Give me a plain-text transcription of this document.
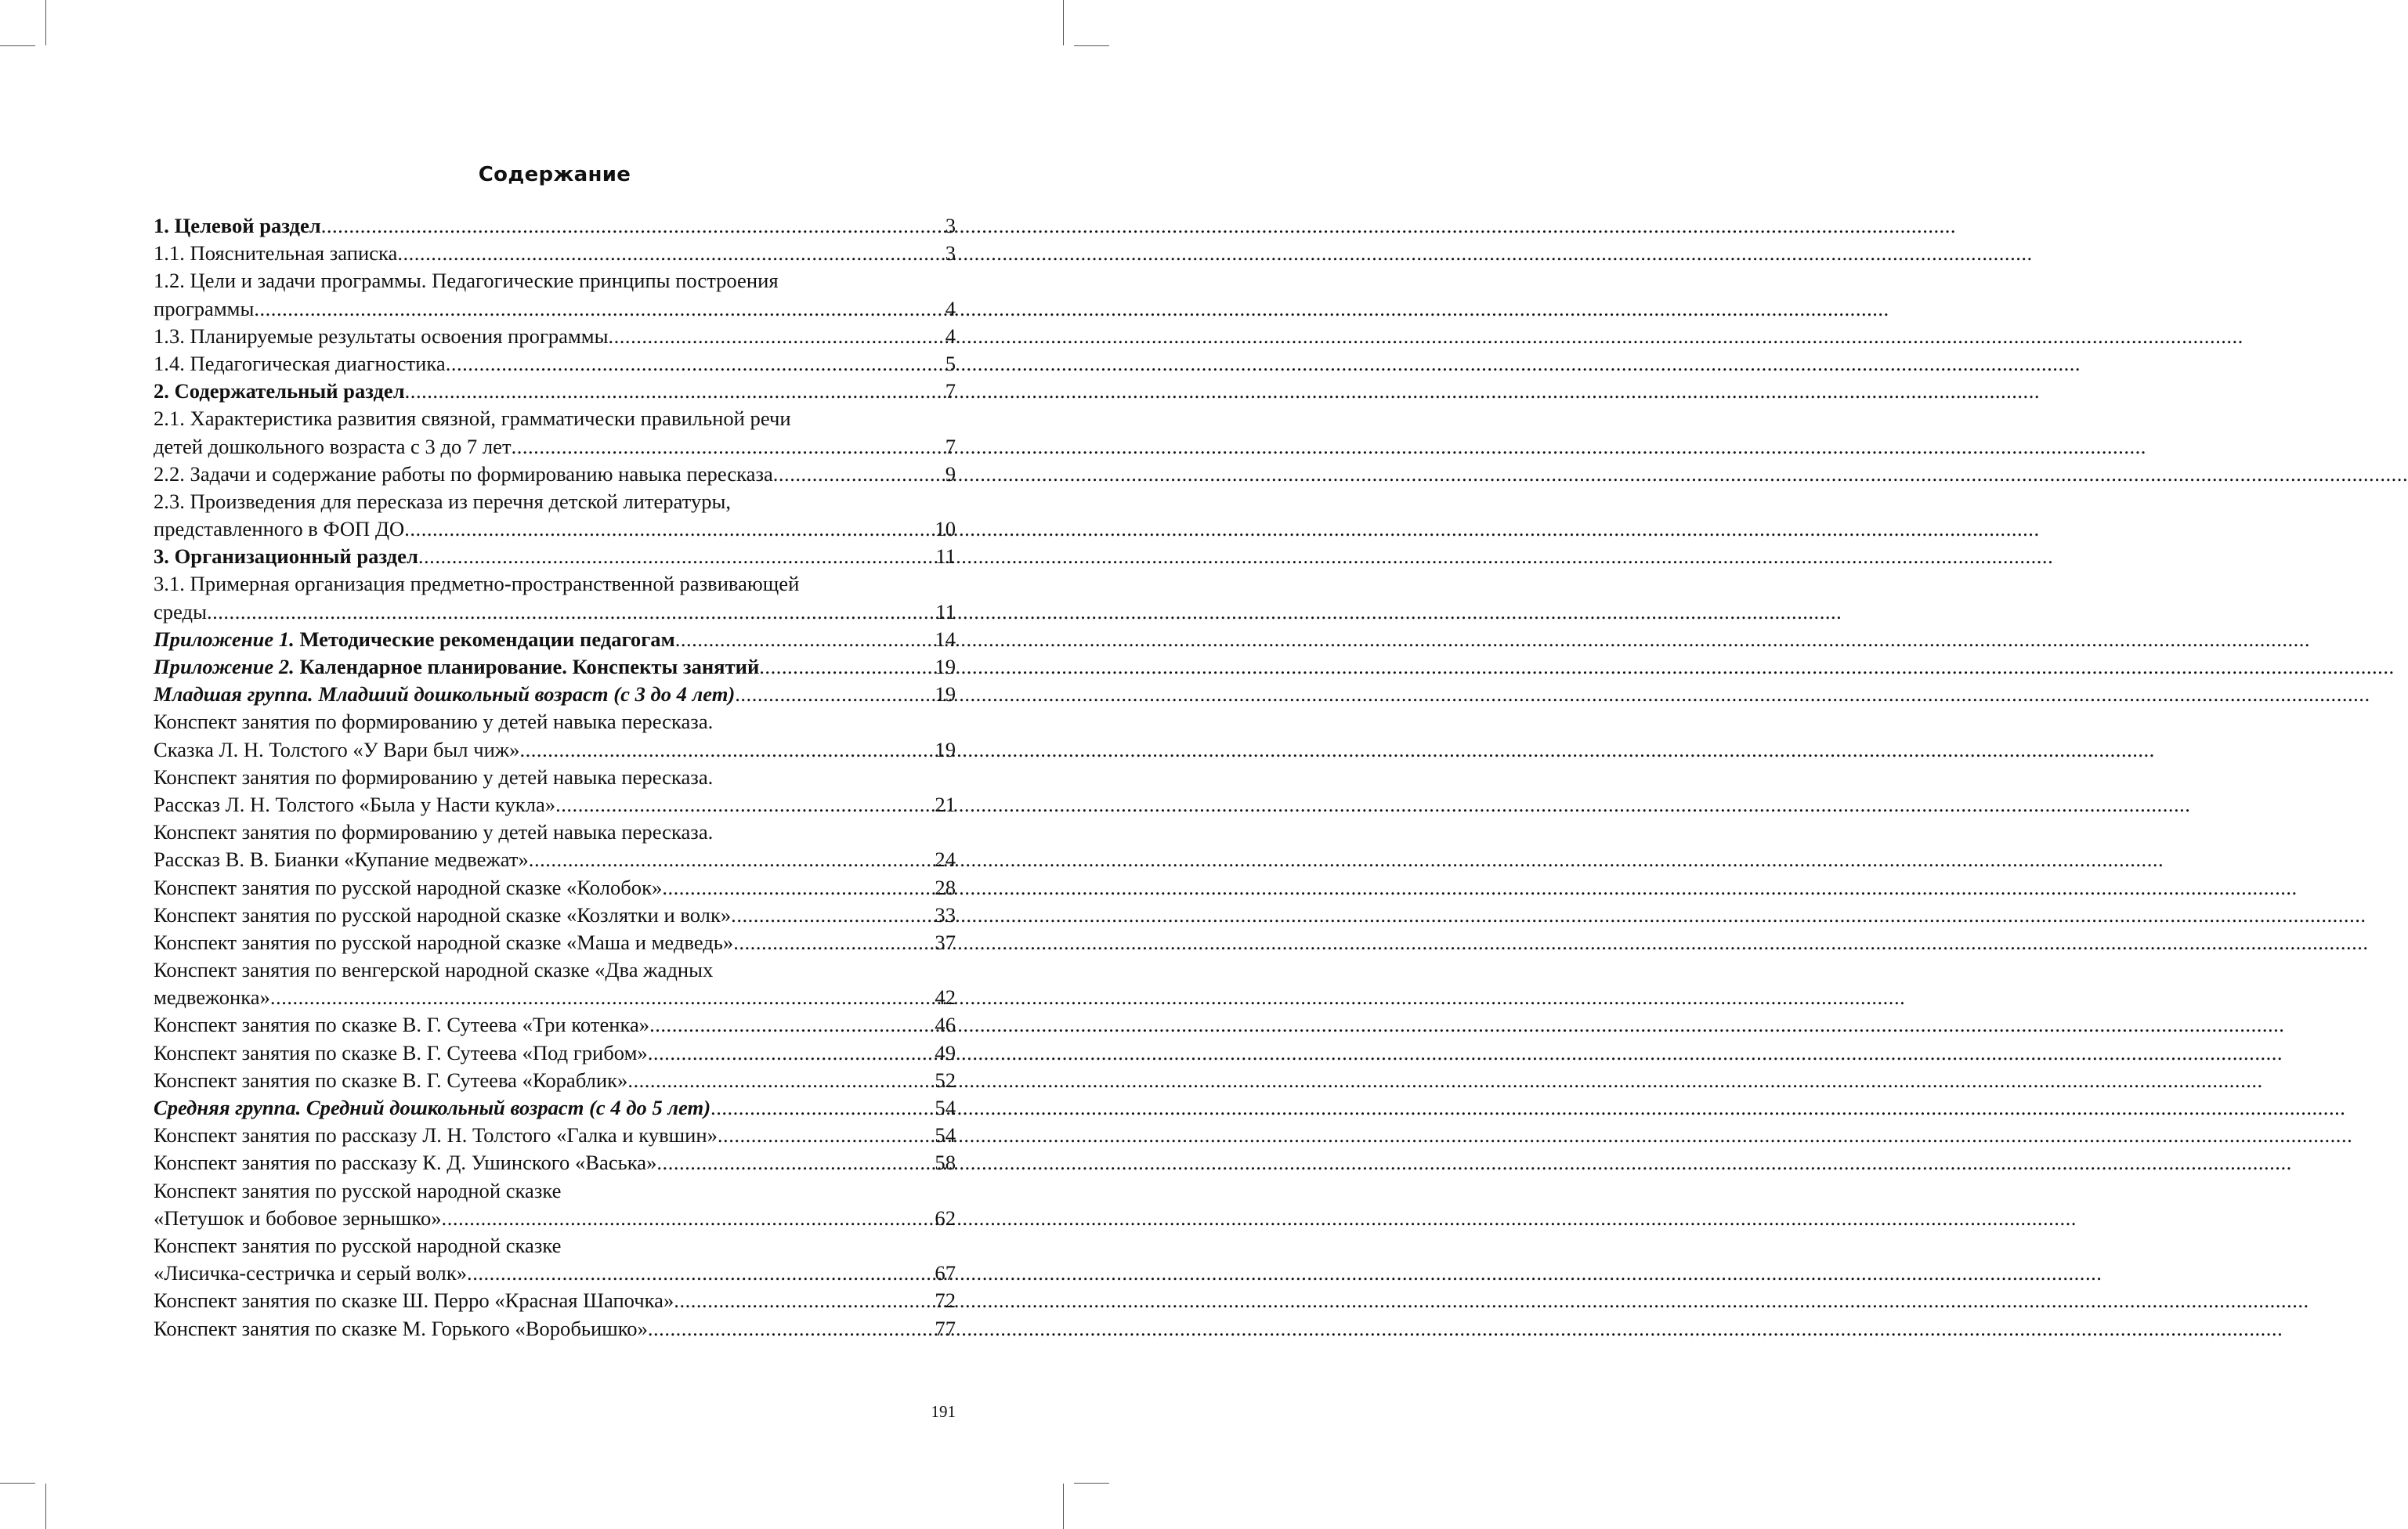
Содержание
1. Целевой раздел .....	3
1.1. Пояснительная записка .....	3
1.2. Цели и задачи программы. Педагогические принципы построения
программы .....	4
1.3. Планируемые результаты освоения программы .....	4
1.4. Педагогическая диагностика .....	5
2. Содержательный раздел .....	7
2.1. Характеристика развития связной, грамматически правильной речи
детей дошкольного возраста с 3 до 7 лет .....	7
2.2. Задачи и содержание работы по формированию навыка пересказа .....	9
2.3. Произведения для пересказа из перечня детской литературы,
представленного в ФОП ДО .....	10
3. Организационный раздел .....	11
3.1. Примерная организация предметно-пространственной развивающей
среды .....	11
Приложение 1. Методические рекомендации педагогам .....	14
Приложение 2. Календарное планирование. Конспекты занятий .....	19
Младшая группа. Младший дошкольный возраст (с 3 до 4 лет) .....	19
Конспект занятия по формированию у детей навыка пересказа.
Сказка Л. Н. Толстого «У Вари был чиж» .....	19
Конспект занятия по формированию у детей навыка пересказа.
Рассказ Л. Н. Толстого «Была у Насти кукла» .....	21
Конспект занятия по формированию у детей навыка пересказа.
Рассказ В. В. Бианки «Купание медвежат» .....	24
Конспект занятия по русской народной сказке «Колобок» .....	28
Конспект занятия по русской народной сказке «Козлятки и волк» .....	33
Конспект занятия по русской народной сказке «Маша и медведь» .....	37
Конспект занятия по венгерской народной сказке «Два жадных
медвежонка» .....	42
Конспект занятия по сказке В. Г. Сутеева «Три котенка» .....	46
Конспект занятия по сказке В. Г. Сутеева «Под грибом» .....	49
Конспект занятия по сказке В. Г. Сутеева «Кораблик» .....	52
Средняя группа. Средний дошкольный возраст (с 4 до 5 лет) .....	54
Конспект занятия по рассказу Л. Н. Толстого «Галка и кувшин» .....	54
Конспект занятия по рассказу К. Д. Ушинского «Васька» .....	58
Конспект занятия по русской народной сказке
«Петушок и бобовое зернышко» .....	62
Конспект занятия по русской народной сказке
«Лисичка-сестричка и серый волк» .....	67
Конспект занятия по сказке Ш. Перро «Красная Шапочка» .....	72
Конспект занятия по сказке М. Горького «Воробьишко» .....	77
191
